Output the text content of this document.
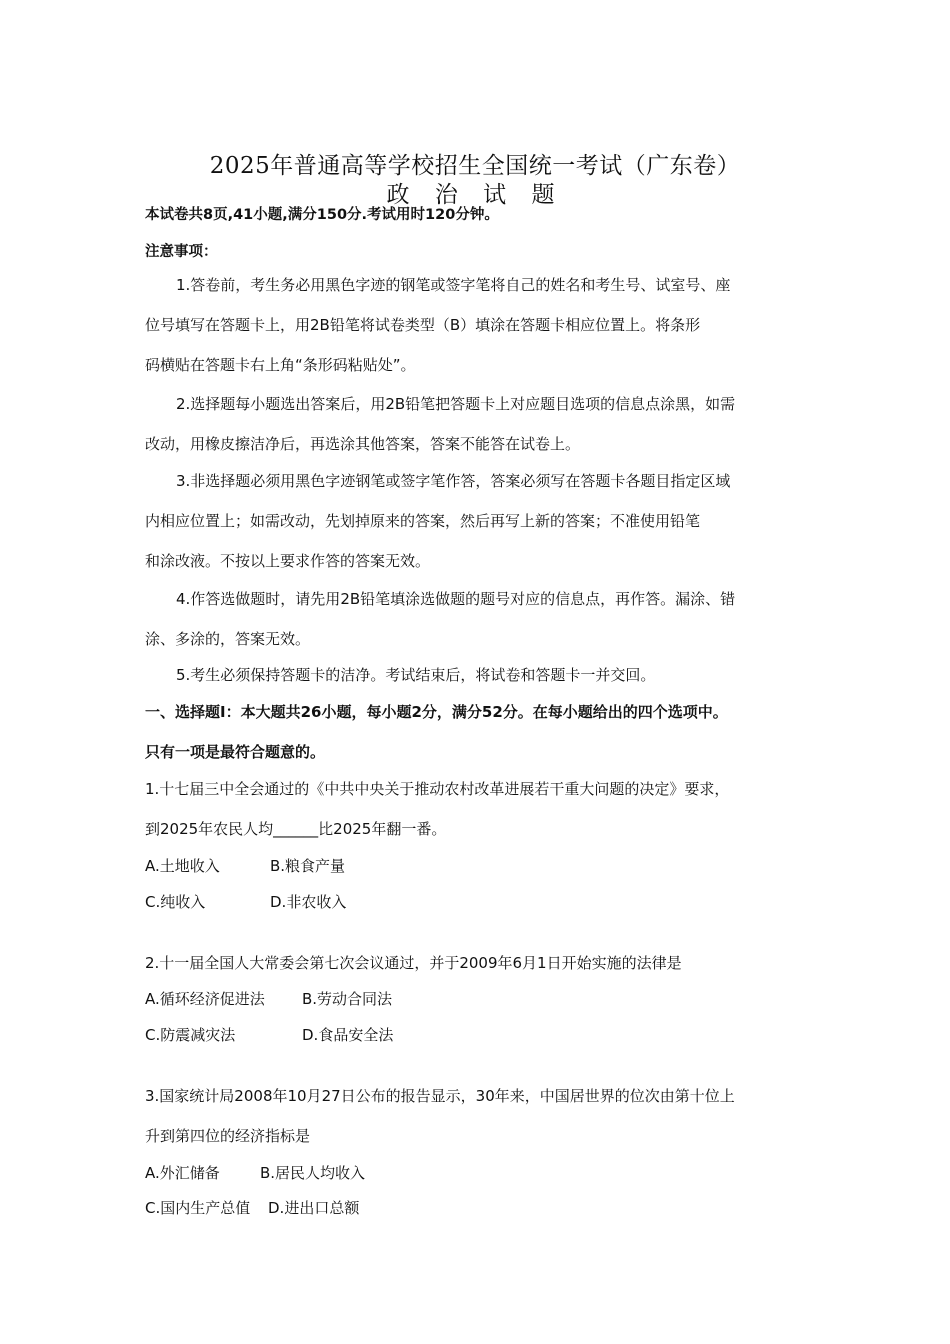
2025年普通高等学校招生全国统一考试（广东卷）
政 治 试 题
本试卷共8页,41小题,满分150分.考试用时120分钟。
注意事项：
1.答卷前，考生务必用黑色字迹的钢笔或签字笔将自己的姓名和考生号、试室号、座
位号填写在答题卡上，用2B铅笔将试卷类型（B）填涂在答题卡相应位置上。将条形
码横贴在答题卡右上角“条形码粘贴处”。
2.选择题每小题选出答案后，用2B铅笔把答题卡上对应题目选项的信息点涂黑，如需
改动，用橡皮擦洁净后，再选涂其他答案，答案不能答在试卷上。
3.非选择题必须用黑色字迹钢笔或签字笔作答，答案必须写在答题卡各题目指定区域
内相应位置上；如需改动，先划掉原来的答案，然后再写上新的答案；不准使用铅笔
和涂改液。不按以上要求作答的答案无效。
4.作答选做题时，请先用2B铅笔填涂选做题的题号对应的信息点，再作答。漏涂、错
涂、多涂的，答案无效。
5.考生必须保持答题卡的洁净。考试结束后，将试卷和答题卡一并交回。
一、选择题Ⅰ：本大题共26小题，每小题2分，满分52分。在每小题给出的四个选项中。
只有一项是最符合题意的。
1.十七届三中全会通过的《中共中央关于推动农村改革进展若干重大问题的决定》要求，
到2025年农民人均______比2025年翻一番。
A.土地收入	B.粮食产量
C.纯收入	D.非农收入
2.十一届全国人大常委会第七次会议通过，并于2009年6月1日开始实施的法律是
A.循环经济促进法 B.劳动合同法
C.防震减灾法	D.食品安全法
3.国家统计局2008年10月27日公布的报告显示，30年来，中国居世界的位次由第十位上
升到第四位的经济指标是
A.外汇储备	B.居民人均收入
C.国内生产总值 D.进出口总额
